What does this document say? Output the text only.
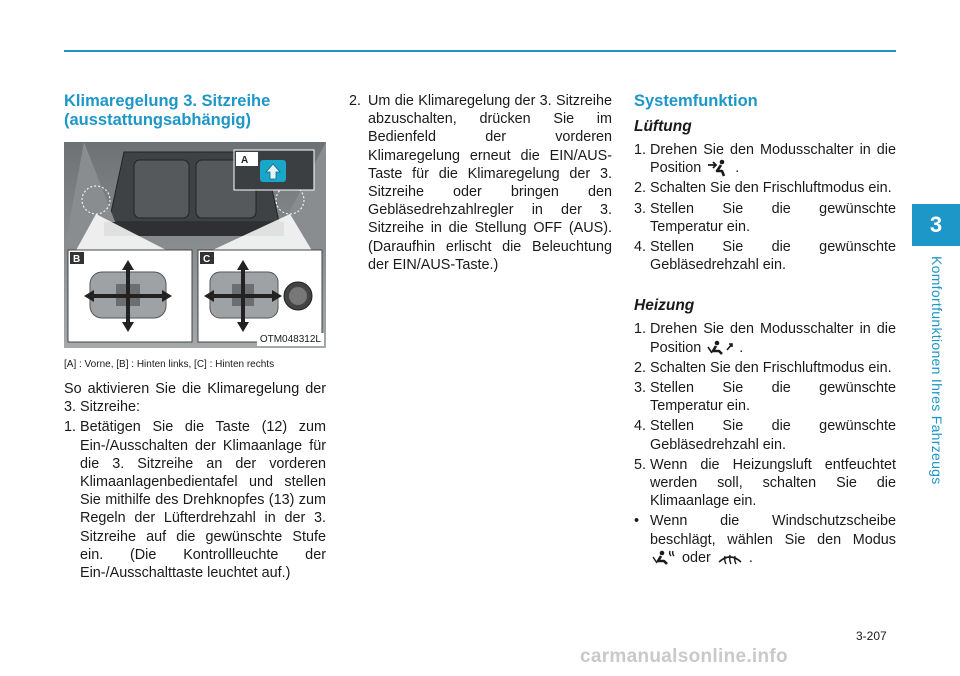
3
Komfortfunktionen Ihres Fahrzeugs
Klimaregelung 3. Sitzreihe (ausstattungsabhängig)
A
B	C
OTM048312L
[A] : Vorne, [B] : Hinten links, [C] : Hinten rechts

So aktivieren Sie die Klimaregelung der 3. Sitzreihe:

1. Betätigen Sie die Taste (12) zum Ein-/Ausschalten der Klimaanlage für die 3. Sitzreihe an der vorderen Klimaanlagenbedientafel und stellen Sie mithilfe des Drehknopfes (13) zum Regeln der Lüfterdrehzahl in der 3. Sitzreihe auf die gewünschte Stufe ein. (Die Kontrollleuchte der Ein-/Ausschalttaste leuchtet auf.)
2. Um die Klimaregelung der 3. Sitzreihe abzuschalten, drücken Sie im Bedienfeld der vorderen Klimaregelung erneut die EIN/AUS-Taste für die Klimaregelung der 3. Sitzreihe oder bringen den Gebläsedrehzahlregler in der 3. Sitzreihe in die Stellung OFF (AUS). (Daraufhin erlischt die Beleuchtung der EIN/AUS-Taste.)
Systemfunktion
Lüftung
1. Drehen Sie den Modusschalter in die Position .
2. Schalten Sie den Frischluftmodus ein.
3. Stellen Sie die gewünschte Temperatur ein.
4. Stellen Sie die gewünschte Gebläsedrehzahl ein.
Heizung
1. Drehen Sie den Modusschalter in die Position	.
2. Schalten Sie den Frischluftmodus ein.
3. Stellen Sie die gewünschte Temperatur ein.
4. Stellen Sie die gewünschte Gebläsedrehzahl ein.
5. Wenn die Heizungsluft entfeuchtet werden soll, schalten Sie die Klimaanlage ein.
• Wenn die Windschutzscheibe beschlägt, wählen Sie den Modus  oder	.
3-207
carmanualsonline.info
